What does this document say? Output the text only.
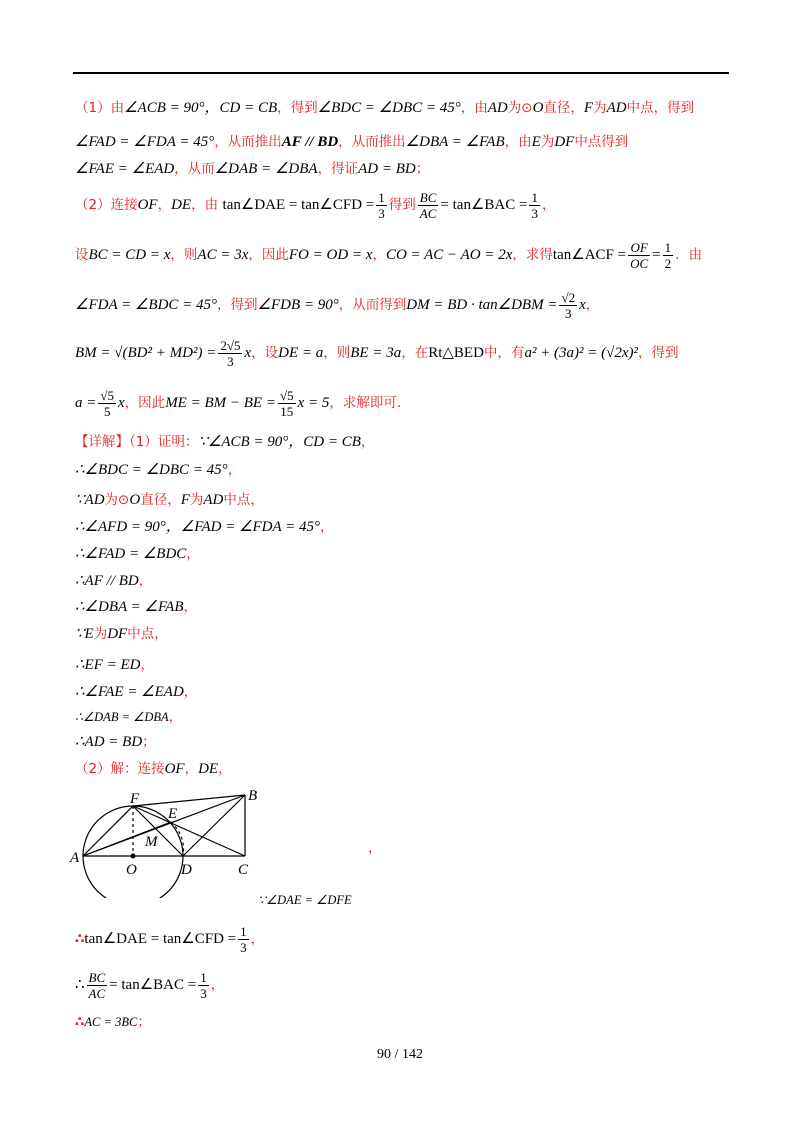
（1）由∠ACB = 90°，CD = CB，得到∠BDC = ∠DBC = 45°，由AD为⊙O直径，F为AD中点，得到
∠FAD = ∠FDA = 45°，从而推出AF // BD，从而推出∠DBA = ∠FAB，由E为DF中点得到
∠FAE = ∠EAD，从而∠DAB = ∠DBA，得证AD = BD；
（2）连接OF，DE，由 tan∠DAE = tan∠CFD = $\frac{1}{3}$ 得到 $\frac{BC}{AC}$ = tan∠BAC = $\frac{1}{3}$ ，
设BC = CD = x，则AC = 3x，因此FO = OD = x，CO = AC − AO = 2x，求得tan∠ACF = $\frac{OF}{OC} = \frac{1}{2}$ ．由
∠FDA = ∠BDC = 45°，得到∠FDB = 90°，从而得到DM = BD · tan∠DBM = $\frac{√2}{3}$ x，
BM = $√(BD^2 + MD^2) = \frac{2√5}{3}$ x，设DE = a，则BE = 3a，在Rt△BED中，有a² + (3a)² = (√2x)²，得到
$a = \frac{√5}{5}$ x，因此ME = BM − BE = $\frac{√5}{15}$ x = 5，求解即可.
【详解】（1）证明：∵∠ACB = 90°，CD = CB，
∴∠BDC = ∠DBC = 45°，
∵AD为⊙O直径，F为AD中点，
∴∠AFD = 90°，∠FAD = ∠FDA = 45°，
∴∠FAD = ∠BDC，
∴AF // BD，
∴∠DBA = ∠FAB，
∵E为DF中点，
∴EF = ED，
∴∠FAE = ∠EAD，
∴∠DAB = ∠DBA，
∴AD = BD；
（2）解：连接OF，DE，
A
B
C
D
E
F
M
O
，
∵∠DAE = ∠DFE
∴tan∠DAE = tan∠CFD = $\frac{1}{3}$ ，
∴ $\frac{BC}{AC}$ = tan∠BAC = $\frac{1}{3}$ ，
∴AC = 3BC；
90 / 142
